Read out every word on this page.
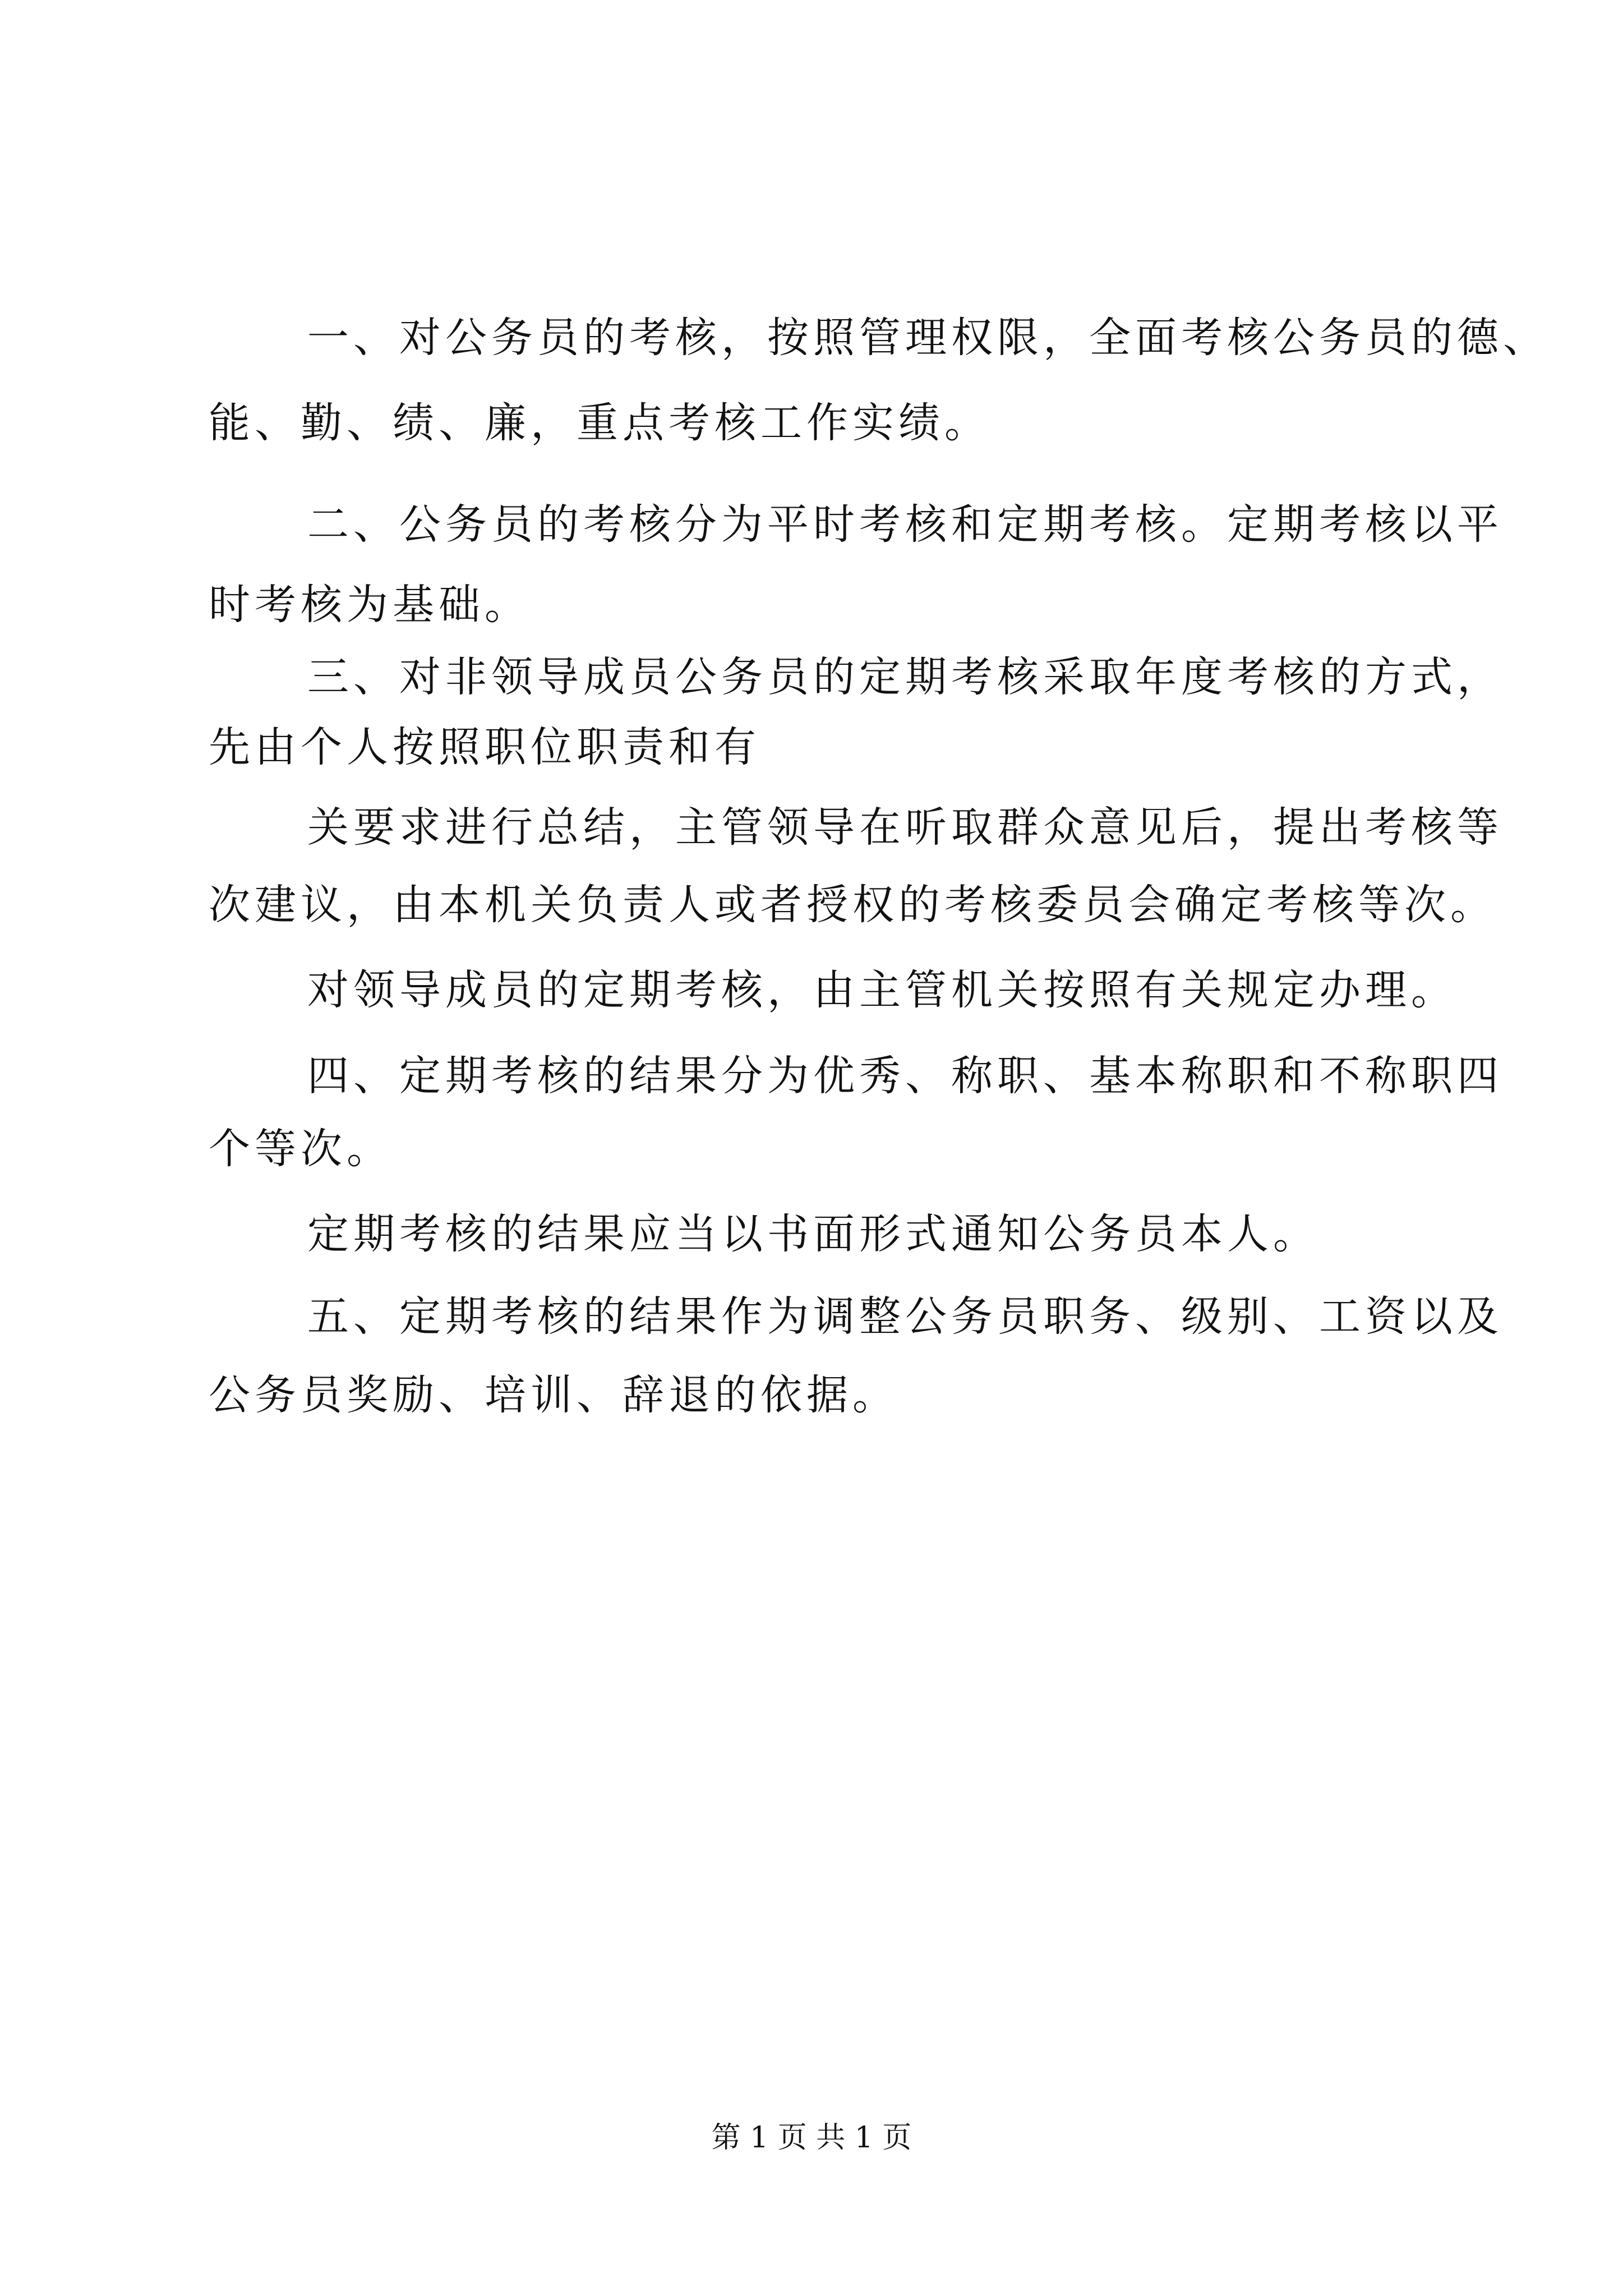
一、对公务员的考核，按照管理权限，全面考核公务员的德、
能、勤、绩、廉，重点考核工作实绩。
二、公务员的考核分为平时考核和定期考核。定期考核以平
时考核为基础。
三、对非领导成员公务员的定期考核采取年度考核的方式，
先由个人按照职位职责和有
关要求进行总结，主管领导在听取群众意见后，提出考核等
次建议，由本机关负责人或者授权的考核委员会确定考核等次。
对领导成员的定期考核，由主管机关按照有关规定办理。
四、定期考核的结果分为优秀、称职、基本称职和不称职四
个等次。
定期考核的结果应当以书面形式通知公务员本人。
五、定期考核的结果作为调整公务员职务、级别、工资以及
公务员奖励、培训、辞退的依据。
第 1 页 共 1 页
